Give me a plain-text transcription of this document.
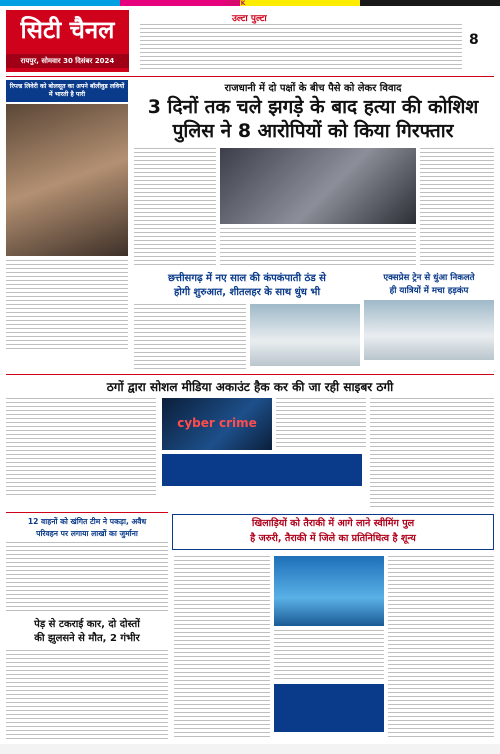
CMYK
सिटी चैनल
रायपुर, सोमवार 30 दिसंबर 2024
उल्टा पुल्टा
8
रिप्ल्ड लिवेरी को बोलसूत का अपने बॉलीवुड लवियों में भारती है पारी
राजधानी में दो पक्षों के बीच पैसे को लेकर विवाद
3 दिनों तक चले झगड़े के बाद हत्या की कोशिश
पुलिस ने 8 आरोपियों को किया गिरफ्तार
छत्तीसगढ़ में नए साल की कंपकंपाती ठंड से
होगी शुरुआत, शीतलहर के साथ धुंध भी
एक्सप्रेस ट्रेन से धुंआ निकलते
ही यात्रियों में मचा हड़कंप
ठगों द्वारा सोशल मीडिया अकाउंट हैक कर की जा रही साइबर ठगी
cyber crime
12 वाहनों को खंगित टीम ने पकड़ा, अवैध
परिवहन पर लगाया लाखों का जुर्माना
पेड़ से टकराई कार, दो दोस्तों
की झुलसने से मौत, 2 गंभीर
खिलाड़ियों को तैराकी में आगे लाने स्वीमिंग पुल
है जरुरी, तैराकी में जिले का प्रतिनिधित्व है शून्य
